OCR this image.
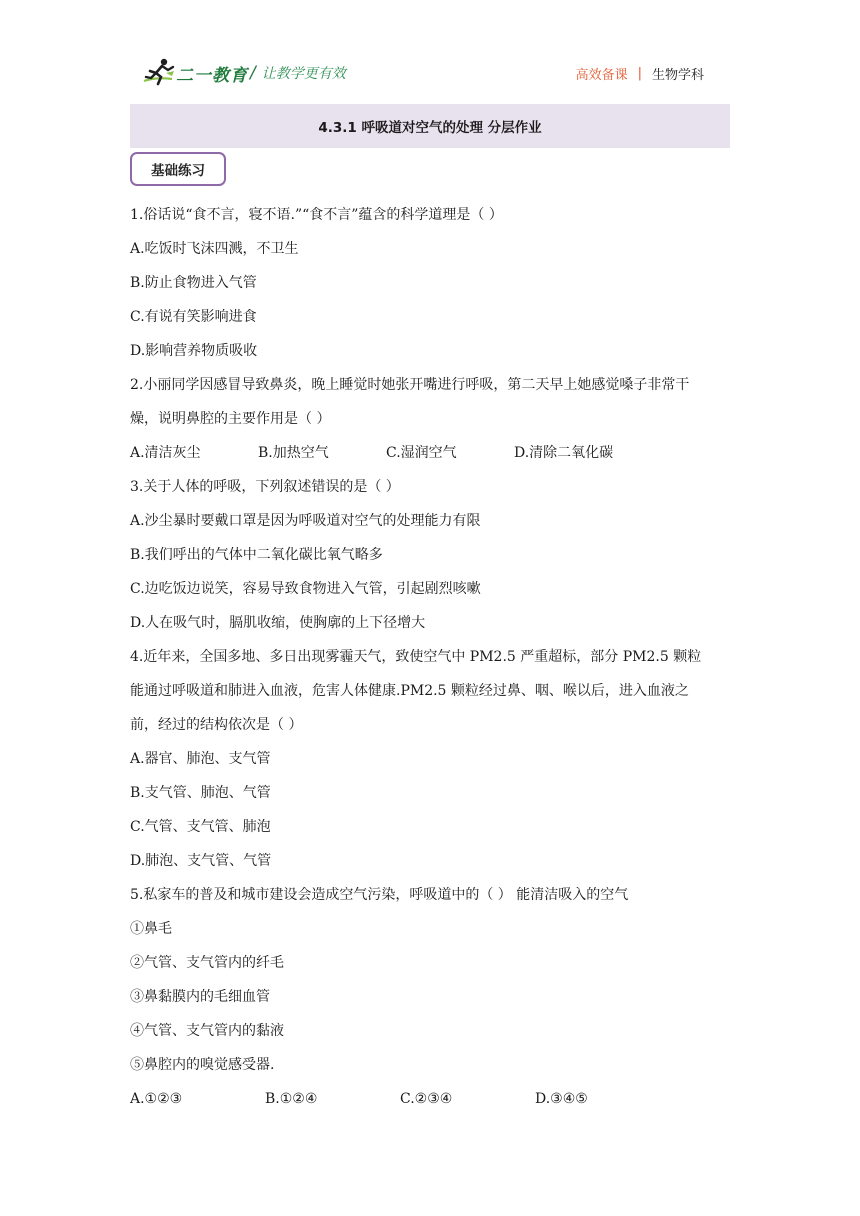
二一教育 / 让教学更有效	高效备课 | 生物学科
4.3.1 呼吸道对空气的处理 分层作业
基础练习
1.俗话说“食不言，寝不语.”“食不言”蕴含的科学道理是（ ）
A.吃饭时飞沫四溅，不卫生
B.防止食物进入气管
C.有说有笑影响进食
D.影响营养物质吸收
2.小丽同学因感冒导致鼻炎，晚上睡觉时她张开嘴进行呼吸，第二天早上她感觉嗓子非常干
燥，说明鼻腔的主要作用是（ ）
A.清洁灰尘	B.加热空气	C.湿润空气	D.清除二氧化碳
3.关于人体的呼吸，下列叙述错误的是（ ）
A.沙尘暴时要戴口罩是因为呼吸道对空气的处理能力有限
B.我们呼出的气体中二氧化碳比氧气略多
C.边吃饭边说笑，容易导致食物进入气管，引起剧烈咳嗽
D.人在吸气时，膈肌收缩，使胸廓的上下径增大
4.近年来，全国多地、多日出现雾霾天气，致使空气中 PM2.5 严重超标，部分 PM2.5 颗粒
能通过呼吸道和肺进入血液，危害人体健康.PM2.5 颗粒经过鼻、咽、喉以后，进入血液之
前，经过的结构依次是（ ）
A.器官、肺泡、支气管
B.支气管、肺泡、气管
C.气管、支气管、肺泡
D.肺泡、支气管、气管
5.私家车的普及和城市建设会造成空气污染，呼吸道中的（ ） 能清洁吸入的空气
①鼻毛
②气管、支气管内的纤毛
③鼻黏膜内的毛细血管
④气管、支气管内的黏液
⑤鼻腔内的嗅觉感受器.
A.①②③	B.①②④	C.②③④	D.③④⑤
